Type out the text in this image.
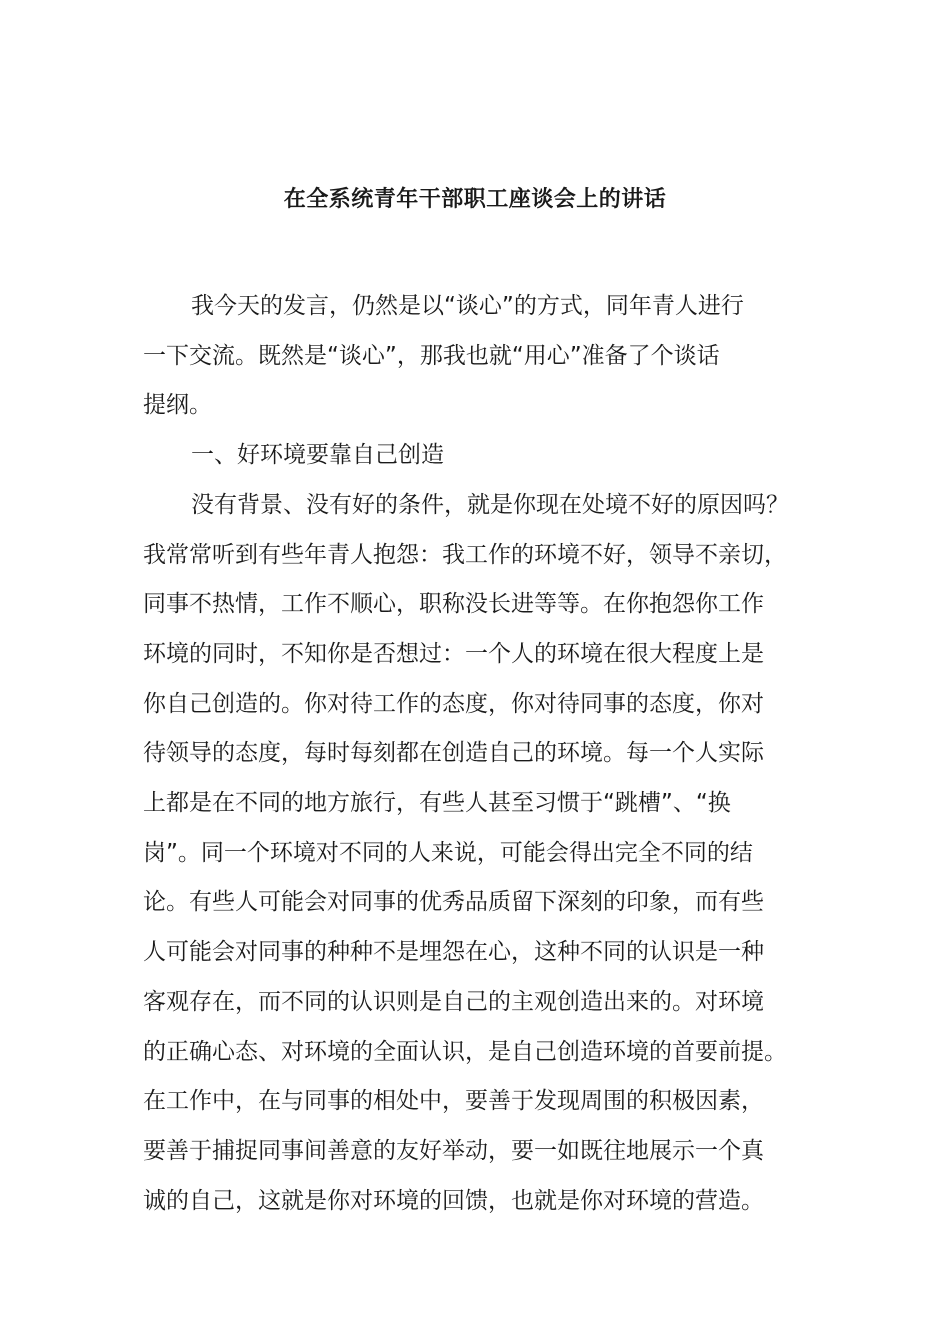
在全系统青年干部职工座谈会上的讲话
我今天的发言，仍然是以“谈心”的方式，同年青人进行
一下交流。既然是“谈心”，那我也就“用心”准备了个谈话
提纲。
一、好环境要靠自己创造
没有背景、没有好的条件，就是你现在处境不好的原因吗？
我常常听到有些年青人抱怨：我工作的环境不好，领导不亲切，
同事不热情，工作不顺心，职称没长进等等。在你抱怨你工作
环境的同时，不知你是否想过：一个人的环境在很大程度上是
你自己创造的。你对待工作的态度，你对待同事的态度，你对
待领导的态度，每时每刻都在创造自己的环境。每一个人实际
上都是在不同的地方旅行，有些人甚至习惯于“跳槽”、“换
岗”。同一个环境对不同的人来说，可能会得出完全不同的结
论。有些人可能会对同事的优秀品质留下深刻的印象，而有些
人可能会对同事的种种不是埋怨在心，这种不同的认识是一种
客观存在，而不同的认识则是自己的主观创造出来的。对环境
的正确心态、对环境的全面认识，是自己创造环境的首要前提。
在工作中，在与同事的相处中，要善于发现周围的积极因素，
要善于捕捉同事间善意的友好举动，要一如既往地展示一个真
诚的自己，这就是你对环境的回馈，也就是你对环境的营造。
